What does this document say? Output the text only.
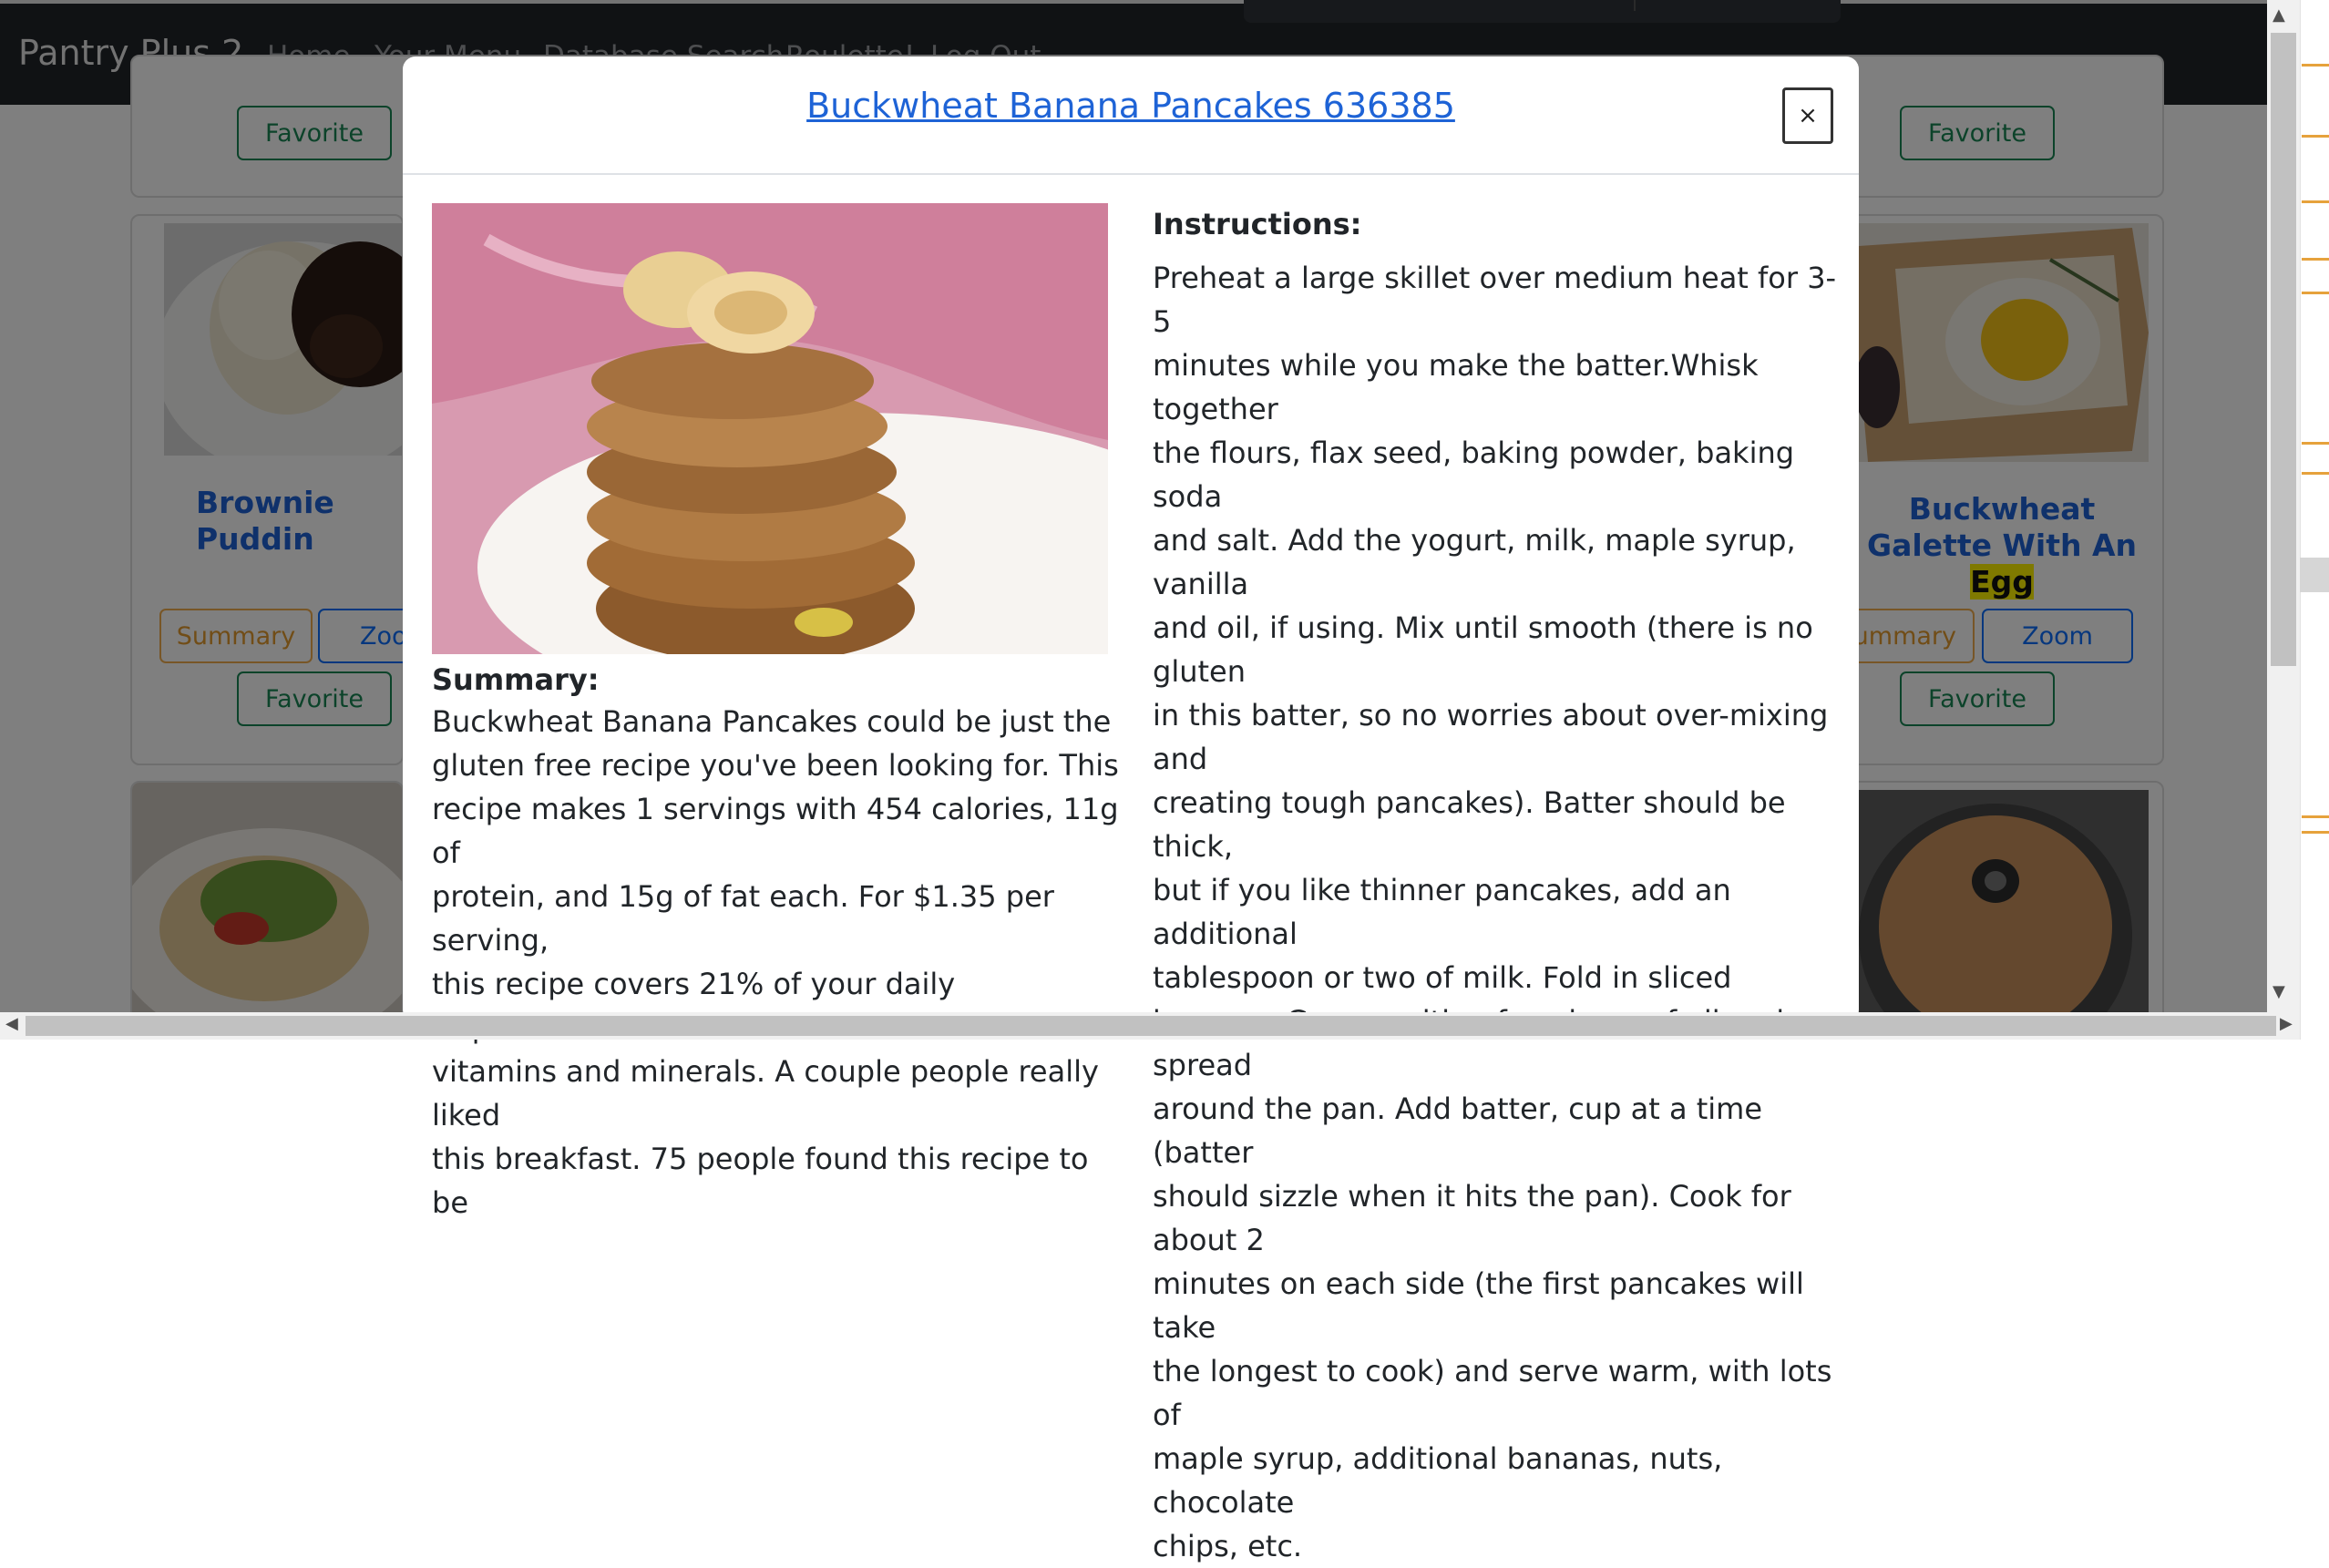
Buckwheat Banana Pancakes 636385	×
Summary:
Buckwheat Banana Pancakes could be just the
gluten free recipe you've been looking for. This
recipe makes 1 servings with 454 calories, 11g of
protein, and 15g of fat each. For $1.35 per serving,
this recipe covers 21% of your daily
vitamins and minerals. A couple people really liked
this breakfast. 75 people found this recipe to be
Instructions:
Preheat a large skillet over medium heat for 3-5
minutes while you make the batter.Whisk together
the flours, flax seed, baking powder, baking soda
and salt. Add the yogurt, milk, maple syrup, vanilla
and oil, if using. Mix until smooth (there is no gluten
in this batter, so no worries about over-mixing and
creating tough pancakes). Batter should be thick,
but if you like thinner pancakes, add an additional
tablespoon or two of milk. Fold in sliced
spread
around the pan. Add batter, cup at a time (batter
should sizzle when it hits the pan). Cook for about 2
minutes on each side (the first pancakes will take
the longest to cook) and serve warm, with lots of
maple syrup, additional bananas, nuts, chocolate
chips, etc.
▲
▼
◀	▶
